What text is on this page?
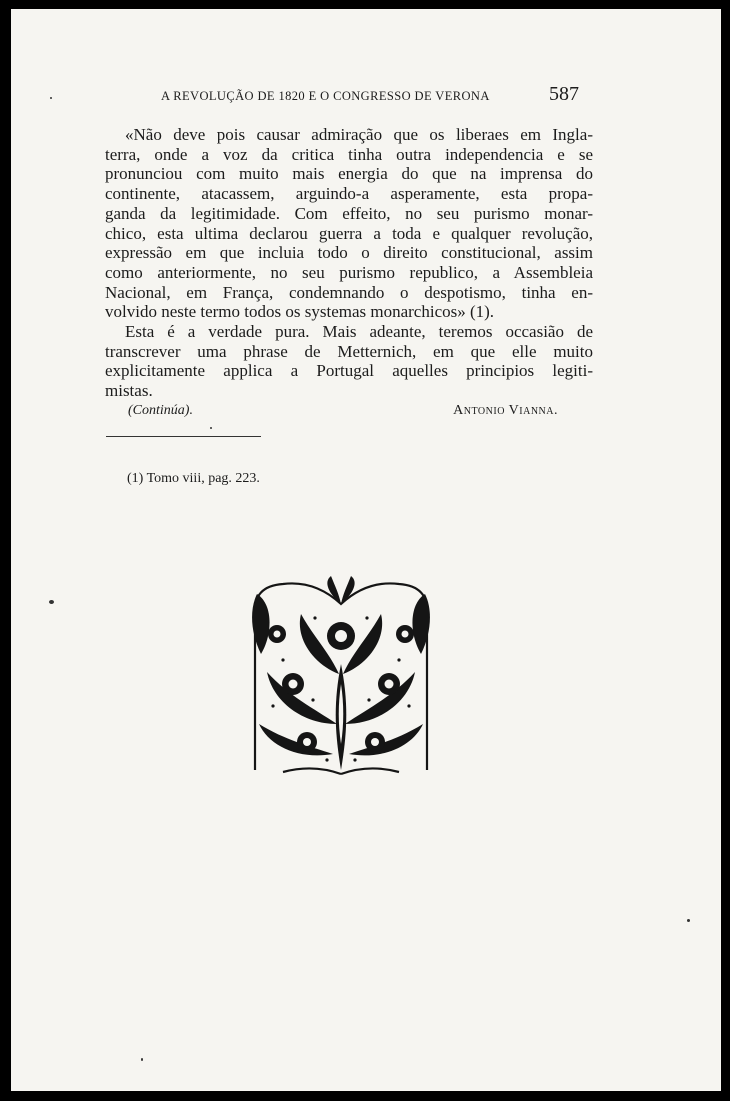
A REVOLUÇÃO DE 1820 E O CONGRESSO DE VERONA	587
«Não deve pois causar admiração que os liberaes em Ingla-
terra, onde a voz da critica tinha outra independencia e se
pronunciou com muito mais energia do que na imprensa do
continente, atacassem, arguindo-a asperamente, esta propa-
ganda da legitimidade. Com effeito, no seu purismo monar-
chico, esta ultima declarou guerra a toda e qualquer revolução,
expressão em que incluia todo o direito constitucional, assim
como anteriormente, no seu purismo republico, a Assembleia
Nacional, em França, condemnando o despotismo, tinha en-
volvido neste termo todos os systemas monarchicos» (1).
Esta é a verdade pura. Mais adeante, teremos occasião de
transcrever uma phrase de Metternich, em que elle muito
explicitamente applica a Portugal aquelles principios legiti-
mistas.
(Continúa).	Antonio Vianna.
(1) Tomo viii, pag. 223.
